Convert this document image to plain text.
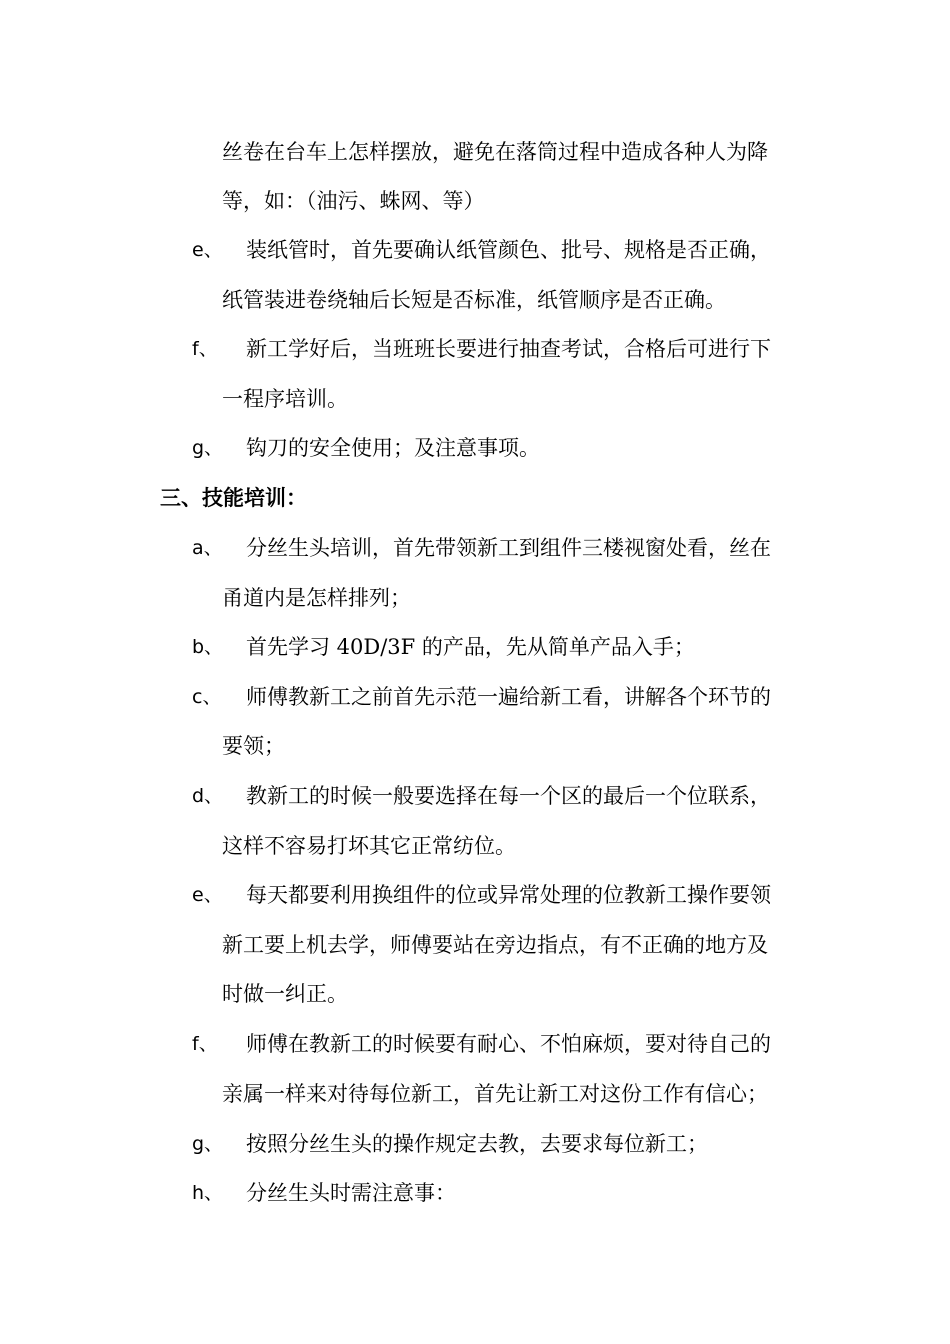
丝卷在台车上怎样摆放，避免在落筒过程中造成各种人为降
等，如：（油污、蛛网、等）
e、 装纸管时，首先要确认纸管颜色、批号、规格是否正确，
纸管装进卷绕轴后长短是否标准，纸管顺序是否正确。
f、 新工学好后，当班班长要进行抽查考试，合格后可进行下
一程序培训。
g、 钩刀的安全使用；及注意事项。
三、技能培训：
a、 分丝生头培训，首先带领新工到组件三楼视窗处看，丝在
甬道内是怎样排列；
b、 首先学习 40D/3F 的产品，先从简单产品入手；
c、 师傅教新工之前首先示范一遍给新工看，讲解各个环节的
要领；
d、 教新工的时候一般要选择在每一个区的最后一个位联系，
这样不容易打坏其它正常纺位。
e、 每天都要利用换组件的位或异常处理的位教新工操作要领
新工要上机去学，师傅要站在旁边指点，有不正确的地方及
时做一纠正。
f、 师傅在教新工的时候要有耐心、不怕麻烦，要对待自己的
亲属一样来对待每位新工，首先让新工对这份工作有信心；
g、 按照分丝生头的操作规定去教，去要求每位新工；
h、 分丝生头时需注意事：
